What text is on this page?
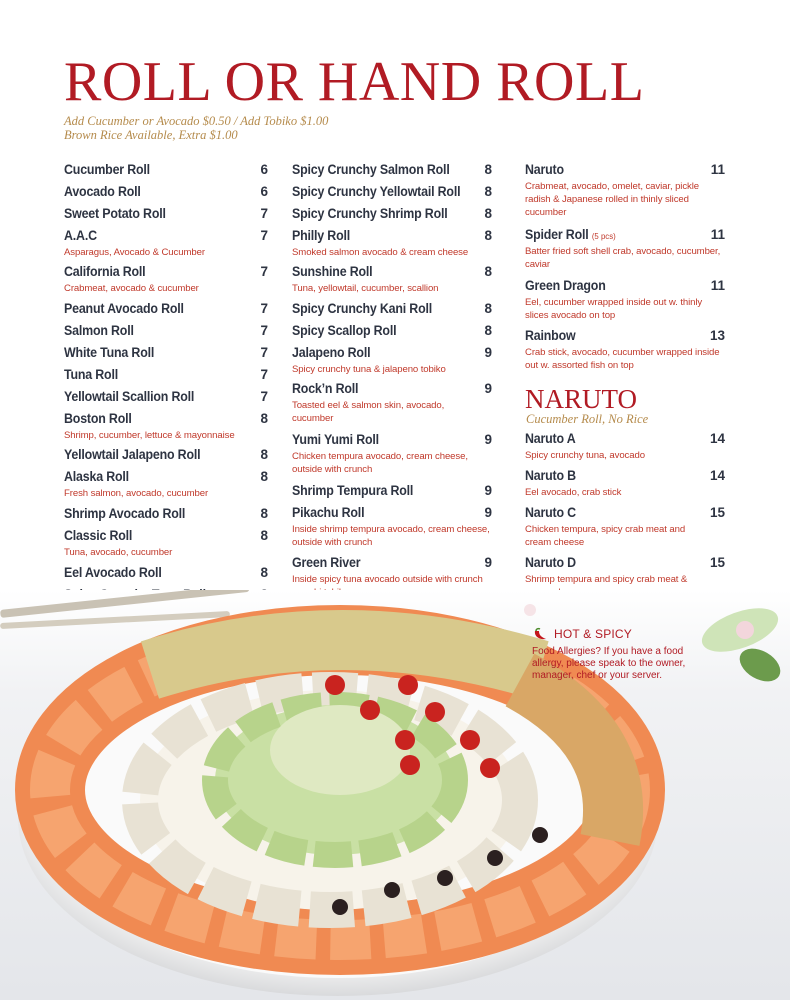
ROLL OR HAND ROLL
Add Cucumber or Avocado $0.50 / Add Tobiko $1.00
Brown Rice Available, Extra $1.00
Cucumber Roll	6
Avocado Roll	6
Sweet Potato Roll	7
A.A.C	7
Asparagus, Avocado & Cucumber
California Roll	7
Crabmeat, avocado & cucumber
Peanut Avocado Roll	7
Salmon Roll	7
White Tuna Roll	7
Tuna Roll	7
Yellowtail Scallion Roll	7
Boston Roll	8
Shrimp, cucumber, lettuce & mayonnaise
Yellowtail Jalapeno Roll	8
Alaska Roll	8
Fresh salmon, avocado, cucumber
Shrimp Avocado Roll	8
Classic Roll	8
Tuna, avocado, cucumber
Eel Avocado Roll	8
Spicy Crunchy Salmon Roll	8
Spicy Crunchy Yellowtail Roll 8
Spicy Crunchy Shrimp Roll	8
Philly Roll	8
Smoked salmon avocado & cream cheese
Sunshine Roll	8
Tuna, yellowtail, cucumber, scallion
Spicy Crunchy Kani Roll	8
Spicy Scallop Roll	8
Jalapeno Roll	9
Spicy crunchy tuna & jalapeno tobiko
Rock’n Roll	9
Toasted eel & salmon skin, avocado, cucumber
Yumi Yumi Roll	9
Chicken tempura avocado, cream cheese, outside with crunch
Shrimp Tempura Roll	9
Pikachu Roll	9
Inside shrimp tempura avocado, cream cheese, outside with crunch
Green River	9
Inside spicy tuna avocado outside with crunch
Naruto	11
Crabmeat, avocado, omelet, caviar, pickle radish & Japanese rolled in thinly sliced cucumber
Spider Roll (5 pcs)	11
Batter fried soft shell crab, avocado, cucumber, caviar
Green Dragon	11
Eel, cucumber wrapped inside out w. thinly slices avocado on top
Rainbow	13
Crab stick, avocado, cucumber wrapped inside out w. assorted fish on top
NARUTO
Cucumber Roll, No Rice
Naruto A	14
Spicy crunchy tuna, avocado
Naruto B	14
Eel avocado, crab stick
Naruto C	15
Chicken tempura, spicy crab meat and cream cheese
Naruto D	15
Shrimp tempura and spicy crab meat &
HOT & SPICY
Food Allergies? If you have a food allergy, please speak to the owner, manager, chef or your server.
